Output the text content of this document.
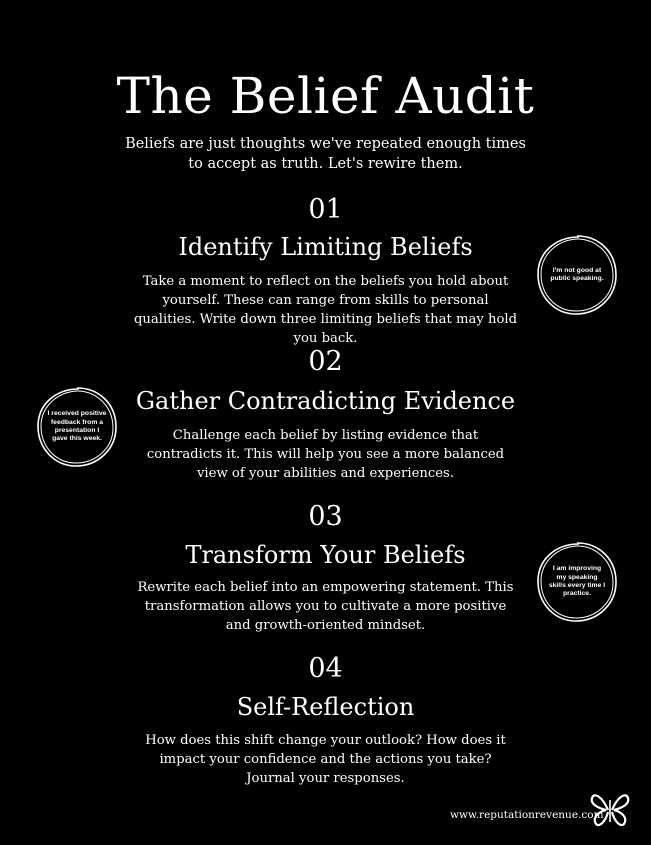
The Belief Audit
Beliefs are just thoughts we've repeated enough times to accept as truth. Let's rewire them.
01
Identify Limiting Beliefs
Take a moment to reflect on the beliefs you hold about yourself. These can range from skills to personal qualities. Write down three limiting beliefs that may hold you back.
I'm not good at public speaking.
02
Gather Contradicting Evidence
Challenge each belief by listing evidence that contradicts it. This will help you see a more balanced view of your abilities and experiences.
I received positive feedback from a presentation I gave this week.
03
Transform Your Beliefs
Rewrite each belief into an empowering statement. This transformation allows you to cultivate a more positive and growth-oriented mindset.
I am improving my speaking skills every time I practice.
04
Self-Reflection
How does this shift change your outlook? How does it impact your confidence and the actions you take? Journal your responses.
www.reputationrevenue.com
